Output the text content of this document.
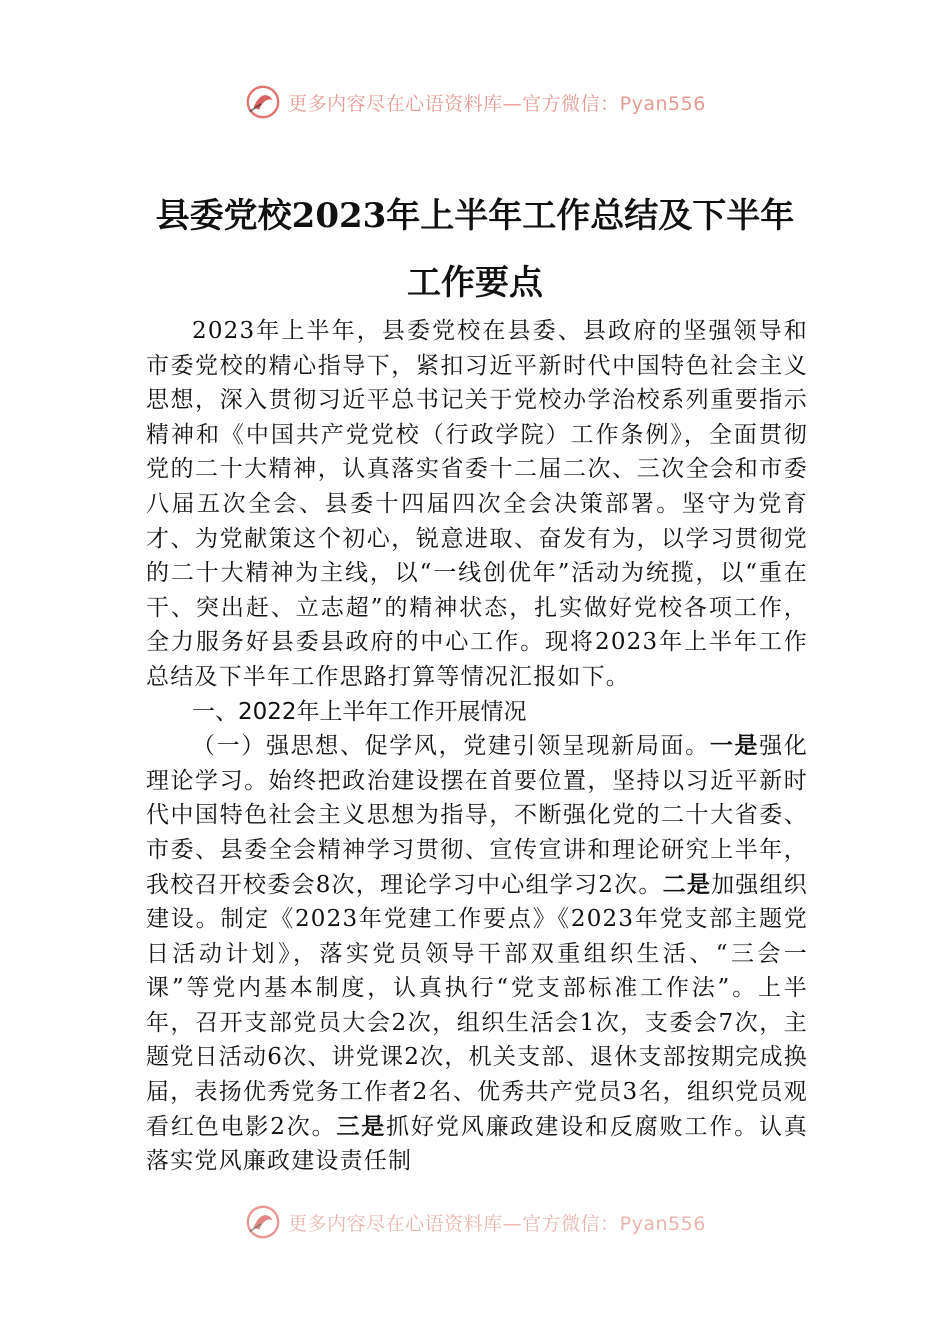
更多内容尽在心语资料库—官方微信：Pyan556
县委党校2023年上半年工作总结及下半年
工作要点

2023年上半年，县委党校在县委、县政府的坚强领导和市委党校的精心指导下，紧扣习近平新时代中国特色社会主义思想，深入贯彻习近平总书记关于党校办学治校系列重要指示精神和《中国共产党党校（行政学院）工作条例》，全面贯彻党的二十大精神，认真落实省委十二届二次、三次全会和市委八届五次全会、县委十四届四次全会决策部署。坚守为党育才、为党献策这个初心，锐意进取、奋发有为，以学习贯彻党的二十大精神为主线，以“一线创优年”活动为统揽，以“重在干、突出赶、立志超”的精神状态，扎实做好党校各项工作，全力服务好县委县政府的中心工作。现将2023年上半年工作总结及下半年工作思路打算等情况汇报如下。

一、2022年上半年工作开展情况

（一）强思想、促学风，党建引领呈现新局面。一是强化理论学习。始终把政治建设摆在首要位置，坚持以习近平新时代中国特色社会主义思想为指导，不断强化党的二十大省委、市委、县委全会精神学习贯彻、宣传宣讲和理论研究上半年，我校召开校委会8次，理论学习中心组学习2次。二是加强组织建设。制定《2023年党建工作要点》《2023年党支部主题党日活动计划》，落实党员领导干部双重组织生活、“三会一课”等党内基本制度，认真执行“党支部标准工作法”。上半年，召开支部党员大会2次，组织生活会1次，支委会7次，主题党日活动6次、讲党课2次，机关支部、退休支部按期完成换届，表扬优秀党务工作者2名、优秀共产党员3名，组织党员观看红色电影2次。三是抓好党风廉政建设和反腐败工作。认真落实党风廉政建设责任制

更多内容尽在心语资料库—官方微信：Pyan556
